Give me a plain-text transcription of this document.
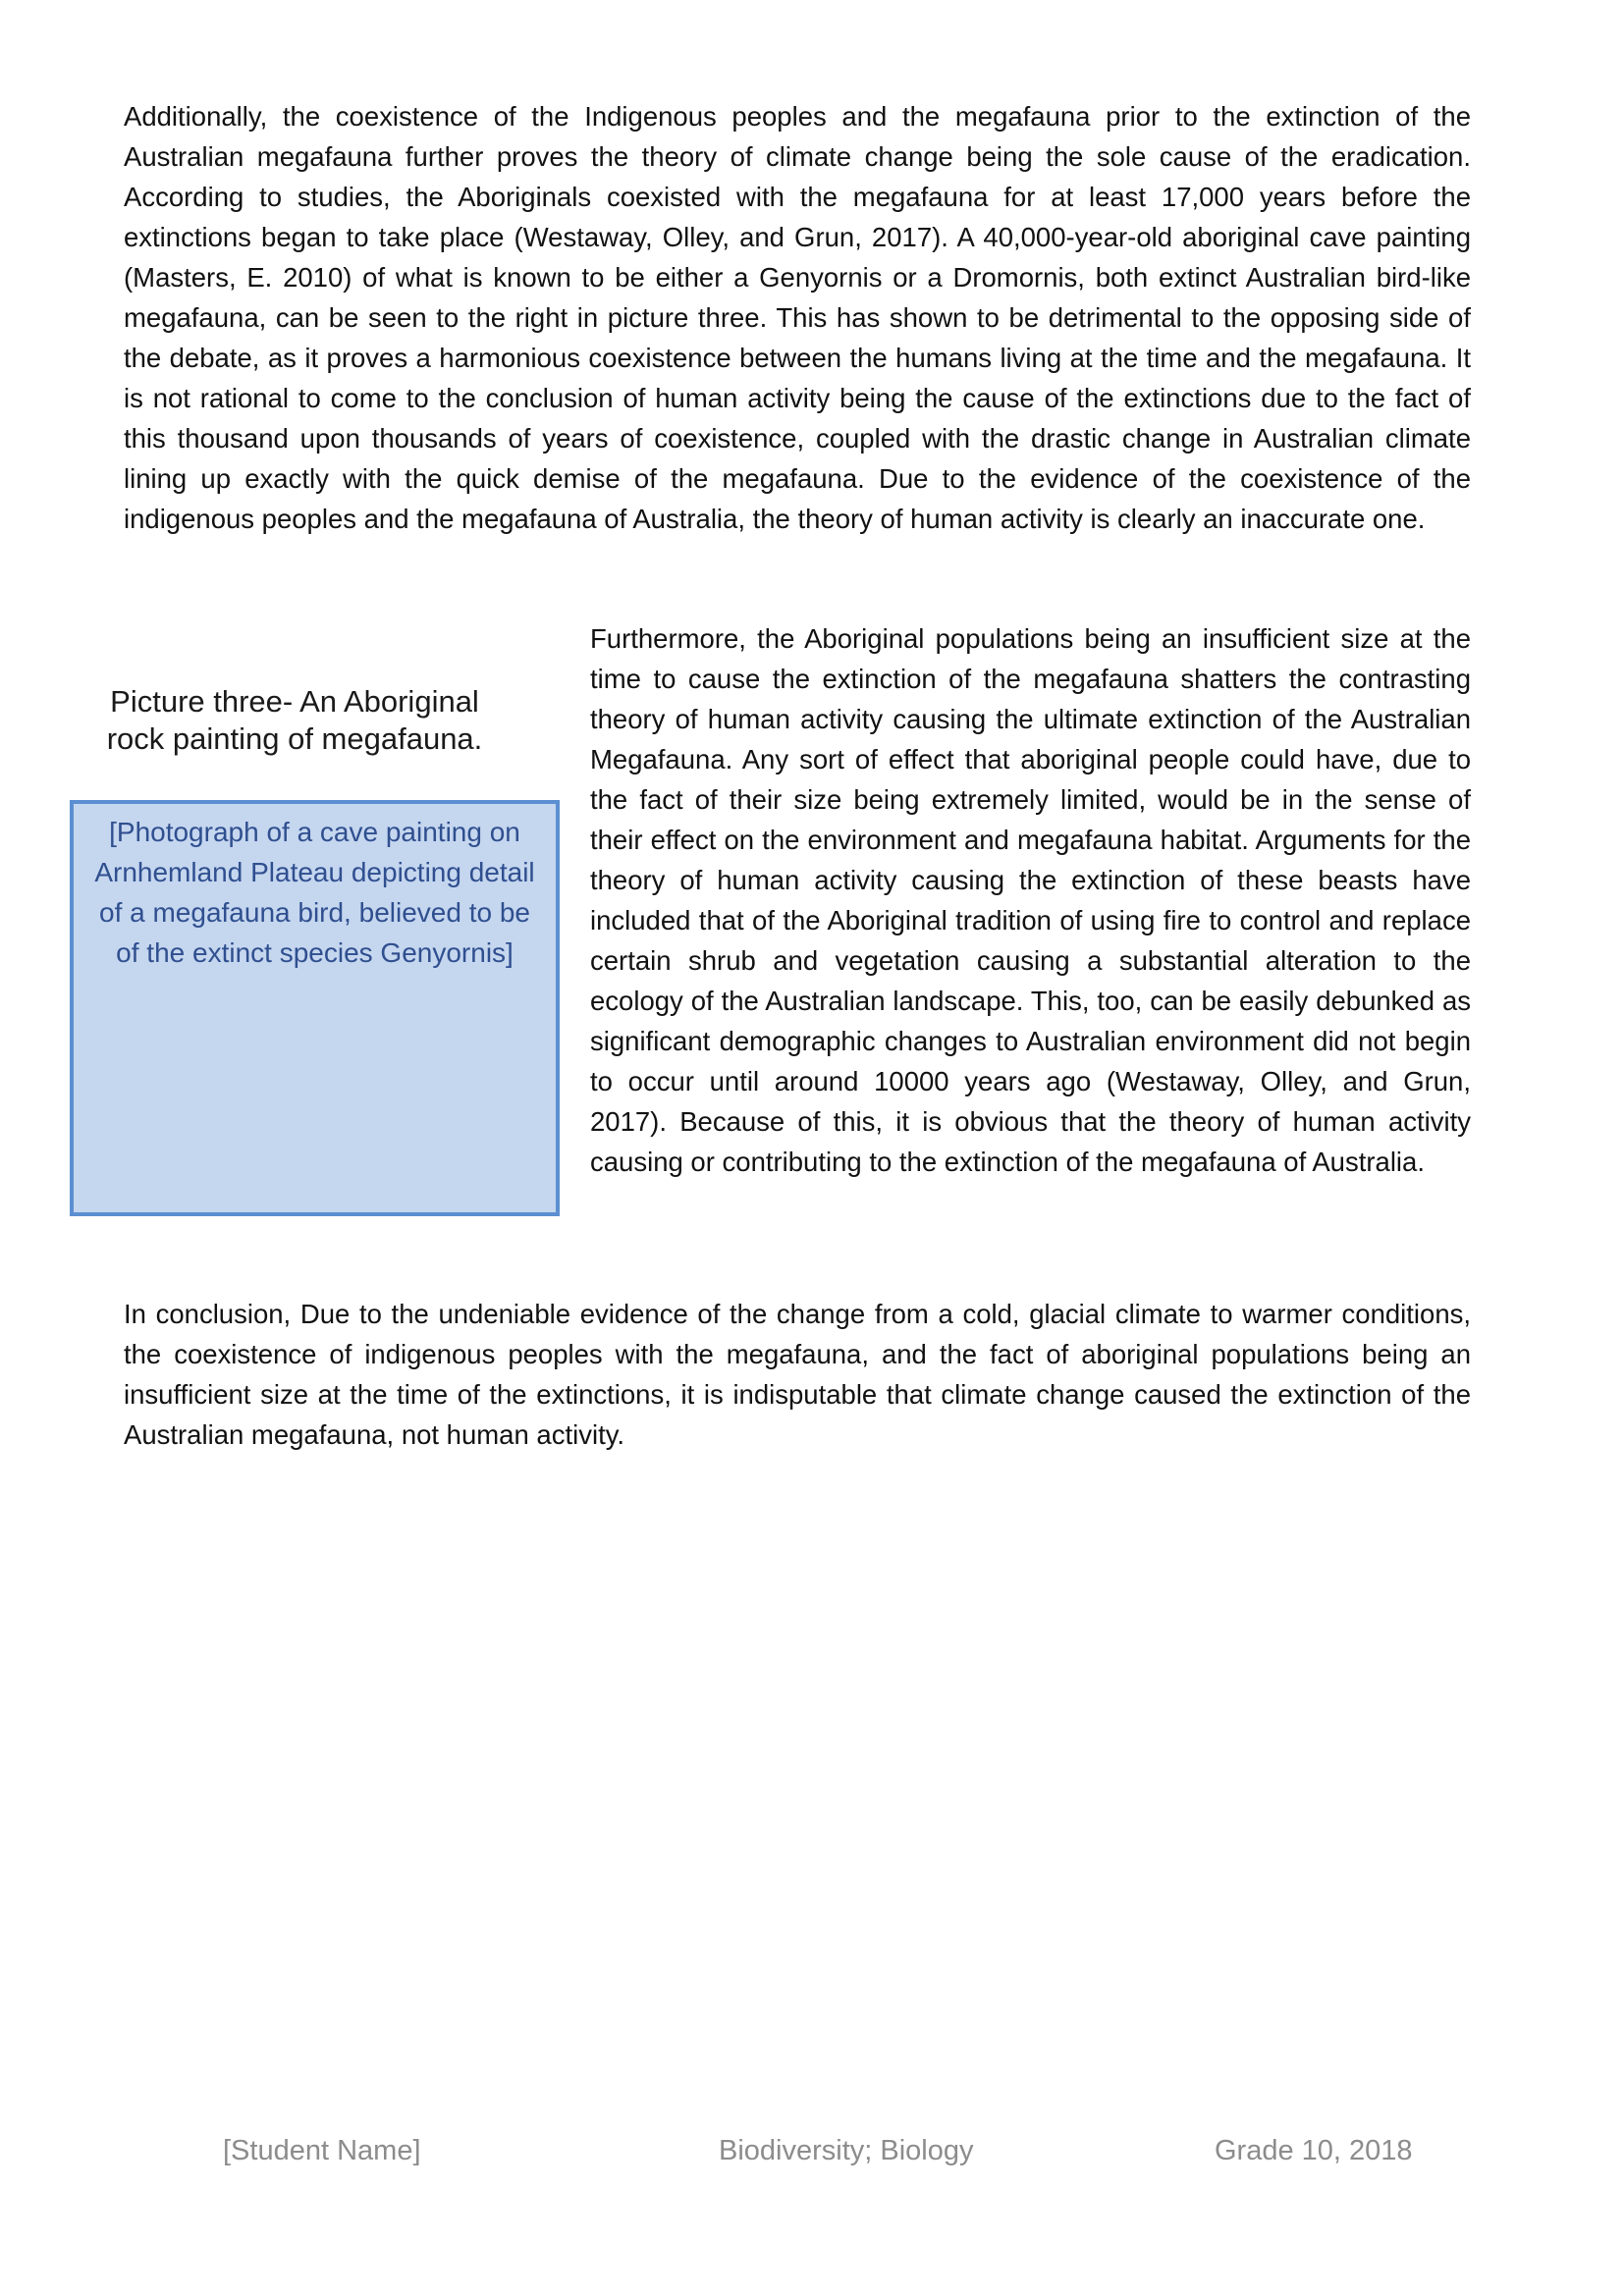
Additionally, the coexistence of the Indigenous peoples and the megafauna prior to the extinction of the Australian megafauna further proves the theory of climate change being the sole cause of the eradication. According to studies, the Aboriginals coexisted with the megafauna for at least 17,000 years before the extinctions began to take place (Westaway, Olley, and Grun, 2017). A 40,000-year-old aboriginal cave painting (Masters, E. 2010) of what is known to be either a Genyornis or a Dromornis, both extinct Australian bird-like megafauna, can be seen to the right in picture three. This has shown to be detrimental to the opposing side of the debate, as it proves a harmonious coexistence between the humans living at the time and the megafauna. It is not rational to come to the conclusion of human activity being the cause of the extinctions due to the fact of this thousand upon thousands of years of coexistence, coupled with the drastic change in Australian climate lining up exactly with the quick demise of the megafauna. Due to the evidence of the coexistence of the indigenous peoples and the megafauna of Australia, the theory of human activity is clearly an inaccurate one.

Picture three- An Aboriginal rock painting of megafauna.

[Photograph of a cave painting on Arnhemland Plateau depicting detail of a megafauna bird, believed to be of the extinct species Genyornis]

Furthermore, the Aboriginal populations being an insufficient size at the time to cause the extinction of the megafauna shatters the contrasting theory of human activity causing the ultimate extinction of the Australian Megafauna. Any sort of effect that aboriginal people could have, due to the fact of their size being extremely limited, would be in the sense of their effect on the environment and megafauna habitat. Arguments for the theory of human activity causing the extinction of these beasts have included that of the Aboriginal tradition of using fire to control and replace certain shrub and vegetation causing a substantial alteration to the ecology of the Australian landscape. This, too, can be easily debunked as significant demographic changes to Australian environment did not begin to occur until around 10000 years ago (Westaway, Olley, and Grun, 2017). Because of this, it is obvious that the theory of human activity causing or contributing to the extinction of the megafauna of Australia.

In conclusion, Due to the undeniable evidence of the change from a cold, glacial climate to warmer conditions, the coexistence of indigenous peoples with the megafauna, and the fact of aboriginal populations being an insufficient size at the time of the extinctions, it is indisputable that climate change caused the extinction of the Australian megafauna, not human activity.

[Student Name]	Biodiversity; Biology	Grade 10, 2018
